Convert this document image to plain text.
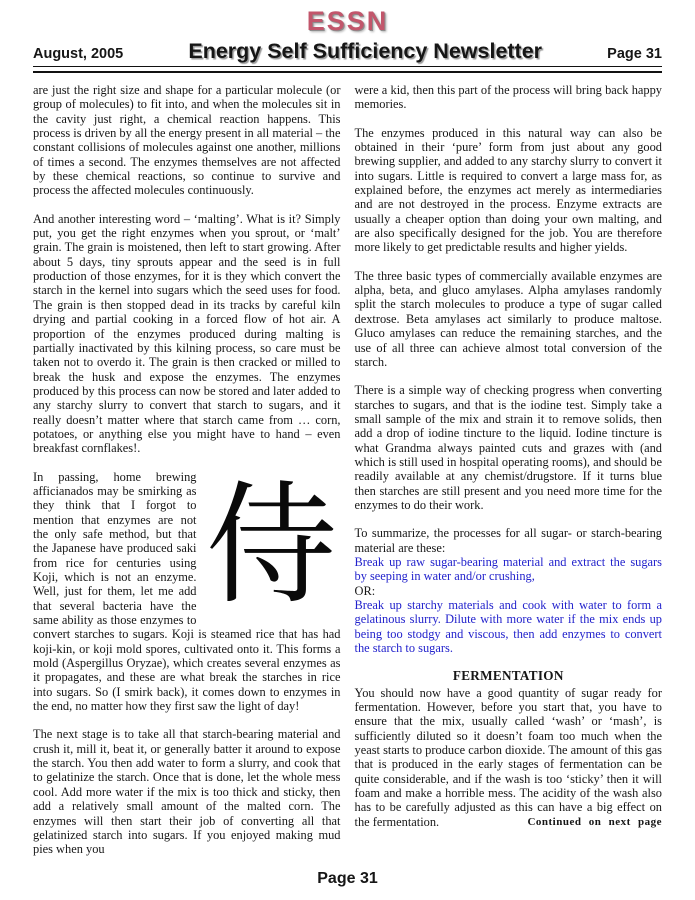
ESSN
August, 2005	Energy Self Sufficiency Newsletter	Page 31

are just the right size and shape for a particular molecule (or group of molecules) to fit into, and when the molecules sit in the cavity just right, a chemical reaction happens. This process is driven by all the energy present in all material – the constant collisions of molecules against one another, millions of times a second. The enzymes themselves are not affected by these chemical reactions, so continue to survive and process the affected molecules continuously.

And another interesting word – ‘malting’. What is it? Simply put, you get the right enzymes when you sprout, or ‘malt’ grain. The grain is moistened, then left to start growing. After about 5 days, tiny sprouts appear and the seed is in full production of those enzymes, for it is they which convert the starch in the kernel into sugars which the seed uses for food. The grain is then stopped dead in its tracks by careful kiln drying and partial cooking in a forced flow of hot air. A proportion of the enzymes produced during malting is partially inactivated by this kilning process, so care must be taken not to overdo it. The grain is then cracked or milled to break the husk and expose the enzymes. The enzymes produced by this process can now be stored and later added to any starchy slurry to convert that starch to sugars, and it really doesn’t matter where that starch came from … corn, potatoes, or anything else you might have to hand – even breakfast cornflakes!.

侍
In passing, home brewing afficianados may be smirking as they think that I forgot to mention that enzymes are not the only safe method, but that the Japanese have produced saki from rice for centuries using Koji, which is not an enzyme. Well, just for them, let me add that several bacteria have the same ability as those enzymes to convert starches to sugars. Koji is steamed rice that has had koji-kin, or koji mold spores, cultivated onto it. This forms a mold (Aspergillus Oryzae), which creates several enzymes as it propagates, and these are what break the starches in rice into sugars. So (I smirk back), it comes down to enzymes in the end, no matter how they first saw the light of day!

The next stage is to take all that starch-bearing material and crush it, mill it, beat it, or generally batter it around to expose the starch. You then add water to form a slurry, and cook that to gelatinize the starch. Once that is done, let the whole mess cool. Add more water if the mix is too thick and sticky, then add a relatively small amount of the malted corn. The enzymes will then start their job of converting all that gelatinized starch into sugars. If you enjoyed making mud pies when you

were a kid, then this part of the process will bring back happy memories.

The enzymes produced in this natural way can also be obtained in their ‘pure’ form from just about any good brewing supplier, and added to any starchy slurry to convert it into sugars. Little is required to convert a large mass for, as explained before, the enzymes act merely as intermediaries and are not destroyed in the process. Enzyme extracts are usually a cheaper option than doing your own malting, and are also specifically designed for the job. You are therefore more likely to get predictable results and higher yields.

The three basic types of commercially available enzymes are alpha, beta, and gluco amylases. Alpha amylases randomly split the starch molecules to produce a type of sugar called dextrose. Beta amylases act similarly to produce maltose. Gluco amylases can reduce the remaining starches, and the use of all three can achieve almost total conversion of the starch.

There is a simple way of checking progress when converting starches to sugars, and that is the iodine test. Simply take a small sample of the mix and strain it to remove solids, then add a drop of iodine tincture to the liquid. Iodine tincture is what Grandma always painted cuts and grazes with (and which is still used in hospital operating rooms), and should be readily available at any chemist/drugstore. If it turns blue then starches are still present and you need more time for the enzymes to do their work.

To summarize, the processes for all sugar- or starch-bearing material are these:
Break up raw sugar-bearing material and extract the sugars by seeping in water and/or crushing,
OR:
Break up starchy materials and cook with water to form a gelatinous slurry. Dilute with more water if the mix ends up being too stodgy and viscous, then add enzymes to convert the starch to sugars.

FERMENTATION

You should now have a good quantity of sugar ready for fermentation. However, before you start that, you have to ensure that the mix, usually called ‘wash’ or ‘mash’, is sufficiently diluted so it doesn’t foam too much when the yeast starts to produce carbon dioxide. The amount of this gas that is produced in the early stages of fermentation can be quite considerable, and if the wash is too ‘sticky’ then it will foam and make a horrible mess. The acidity of the wash also has to be carefully adjusted as this can have a big effect on the fermentation.	Continued on next page

Page 31
